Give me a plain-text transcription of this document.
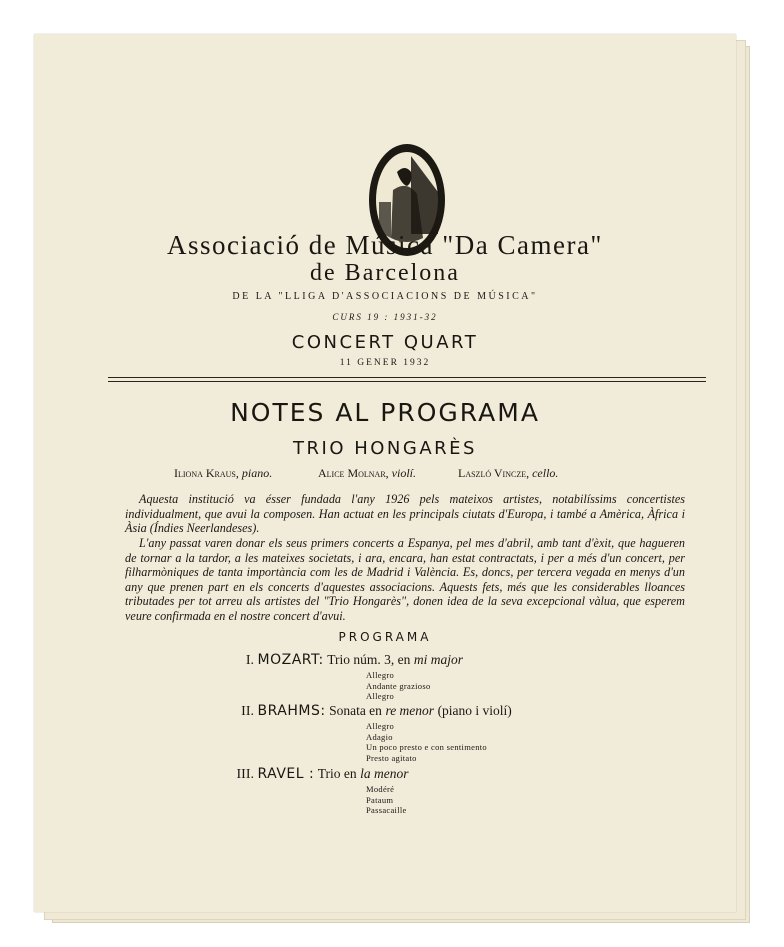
Associació de Música "Da Camera"
de Barcelona
DE LA "LLIGA D'ASSOCIACIONS DE MÚSICA"
CURS 19 : 1931-32
CONCERT QUART
11 GENER 1932
NOTES AL PROGRAMA
TRIO HONGARÈS
Iliona Kraus, piano.	Alice Molnar, violí.	Laszló Vincze, cello.

Aquesta institució va ésser fundada l'any 1926 pels mateixos artistes, notabilíssims concertistes individualment, que avui la composen. Han actuat en les principals ciutats d'Europa, i també a Amèrica, Àfrica i Àsia (Índies Neerlandeses).

L'any passat varen donar els seus primers concerts a Espanya, pel mes d'abril, amb tant d'èxit, que hagueren de tornar a la tardor, a les mateixes societats, i ara, encara, han estat contractats, i per a més d'un concert, per filharmòniques de tanta importància com les de Madrid i València. Es, doncs, per tercera vegada en menys d'un any que prenen part en els concerts d'aquestes associacions. Aquests fets, més que les considerables lloances tributades per tot arreu als artistes del "Trio Hongarès", donen idea de la seva excepcional vàlua, que esperem veure confirmada en el nostre concert d'avui.

PROGRAMA
I. MOZART: Trio núm. 3, en mi major
Allegro
Andante grazioso
Allegro
II. BRAHMS: Sonata en re menor (piano i violí)
Allegro
Adagio
Un poco presto e con sentimento
Presto agitato
III. RAVEL : Trio en la menor
Modéré
Pataum
Passacaille
